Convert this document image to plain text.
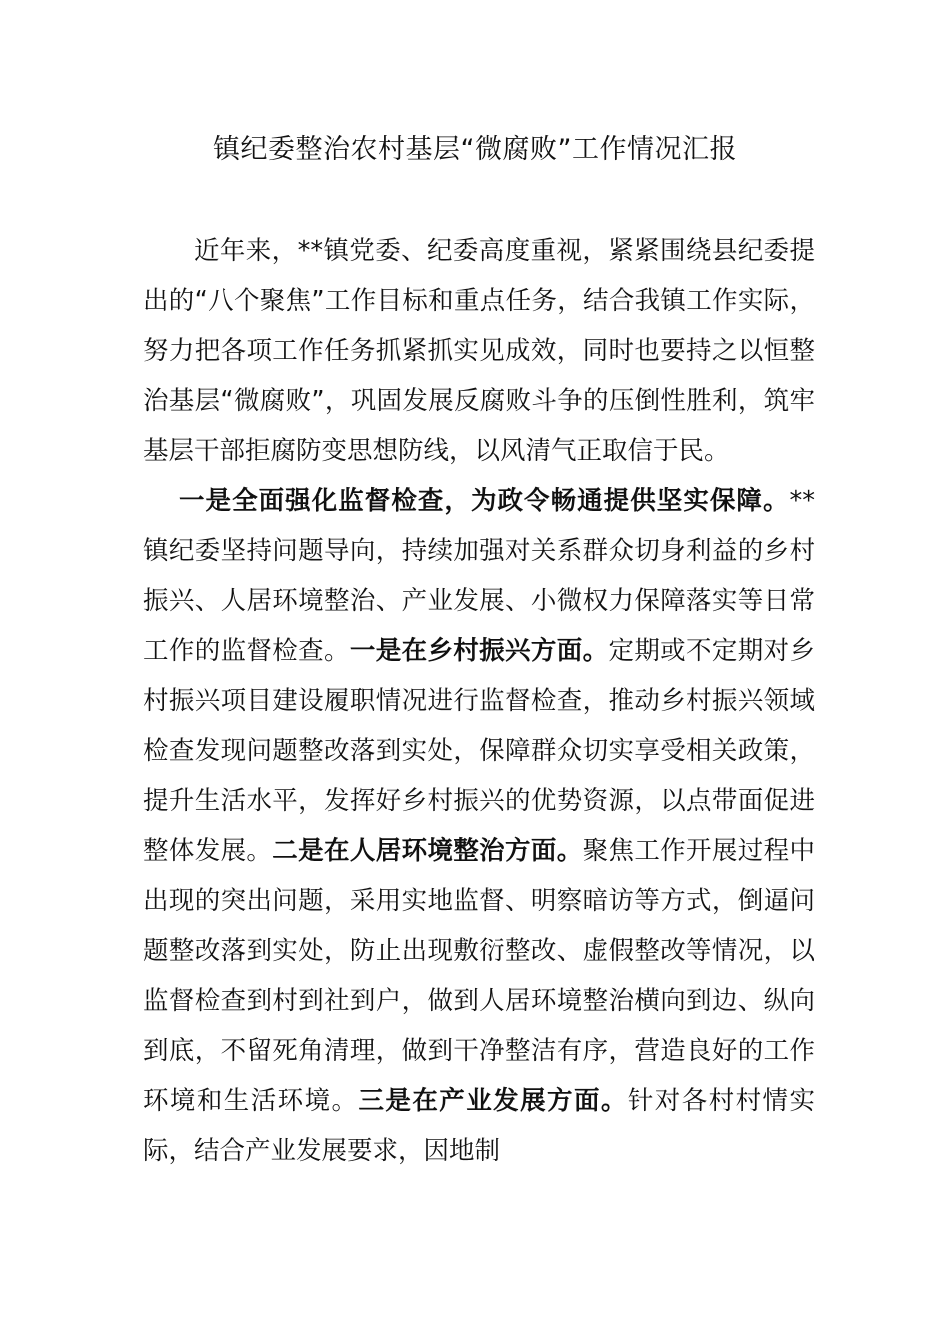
镇纪委整治农村基层“微腐败”工作情况汇报

近年来，**镇党委、纪委高度重视，紧紧围绕县纪委提出的“八个聚焦”工作目标和重点任务，结合我镇工作实际，努力把各项工作任务抓紧抓实见成效，同时也要持之以恒整治基层“微腐败”，巩固发展反腐败斗争的压倒性胜利，筑牢基层干部拒腐防变思想防线，以风清气正取信于民。

一是全面强化监督检查，为政令畅通提供坚实保障。**镇纪委坚持问题导向，持续加强对关系群众切身利益的乡村振兴、人居环境整治、产业发展、小微权力保障落实等日常工作的监督检查。一是在乡村振兴方面。定期或不定期对乡村振兴项目建设履职情况进行监督检查，推动乡村振兴领域检查发现问题整改落到实处，保障群众切实享受相关政策，提升生活水平，发挥好乡村振兴的优势资源，以点带面促进整体发展。二是在人居环境整治方面。聚焦工作开展过程中出现的突出问题，采用实地监督、明察暗访等方式，倒逼问题整改落到实处，防止出现敷衍整改、虚假整改等情况，以监督检查到村到社到户，做到人居环境整治横向到边、纵向到底，不留死角清理，做到干净整洁有序，营造良好的工作环境和生活环境。三是在产业发展方面。针对各村村情实际，结合产业发展要求，因地制
